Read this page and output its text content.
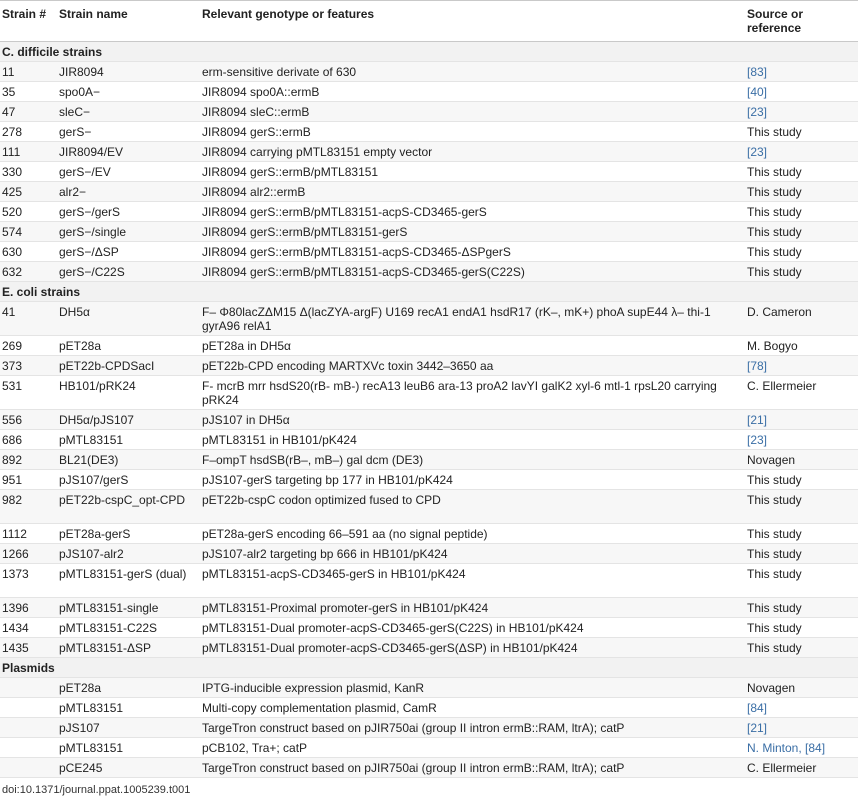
Strain #	Strain name	Relevant genotype or features	Source or reference
C. difficile strains			
11	JIR8094	erm-sensitive derivate of 630	[83]
35	spo0A−	JIR8094 spo0A::ermB	[40]
47	sleC−	JIR8094 sleC::ermB	[23]
278	gerS−	JIR8094 gerS::ermB	This study
111	JIR8094/EV	JIR8094 carrying pMTL83151 empty vector	[23]
330	gerS−/EV	JIR8094 gerS::ermB/pMTL83151	This study
425	alr2−	JIR8094 alr2::ermB	This study
520	gerS−/gerS	JIR8094 gerS::ermB/pMTL83151-acpS-CD3465-gerS	This study
574	gerS−/single	JIR8094 gerS::ermB/pMTL83151-gerS	This study
630	gerS−/ΔSP	JIR8094 gerS::ermB/pMTL83151-acpS-CD3465-ΔSPgerS	This study
632	gerS−/C22S	JIR8094 gerS::ermB/pMTL83151-acpS-CD3465-gerS(C22S)	This study
E. coli strains			
41	DH5α	F– Φ80lacZΔM15 Δ(lacZYA-argF) U169 recA1 endA1 hsdR17 (rK–, mK+) phoA supE44 λ– thi-1 gyrA96 relA1	D. Cameron
269	pET28a	pET28a in DH5α	M. Bogyo
373	pET22b-CPDSacI	pET22b-CPD encoding MARTXVc toxin 3442–3650 aa	[78]
531	HB101/pRK24	F- mcrB mrr hsdS20(rB- mB-) recA13 leuB6 ara-13 proA2 lavYI galK2 xyl-6 mtl-1 rpsL20 carrying pRK24	C. Ellermeier
556	DH5α/pJS107	pJS107 in DH5α	[21]
686	pMTL83151	pMTL83151 in HB101/pK424	[23]
892	BL21(DE3)	F–ompT hsdSB(rB–, mB–) gal dcm (DE3)	Novagen
951	pJS107/gerS	pJS107-gerS targeting bp 177 in HB101/pK424	This study
982	pET22b-cspC_opt-CPD	pET22b-cspC codon optimized fused to CPD	This study
1112	pET28a-gerS	pET28a-gerS encoding 66–591 aa (no signal peptide)	This study
1266	pJS107-alr2	pJS107-alr2 targeting bp 666 in HB101/pK424	This study
1373	pMTL83151-gerS (dual)	pMTL83151-acpS-CD3465-gerS in HB101/pK424	This study
1396	pMTL83151-single	pMTL83151-Proximal promoter-gerS in HB101/pK424	This study
1434	pMTL83151-C22S	pMTL83151-Dual promoter-acpS-CD3465-gerS(C22S) in HB101/pK424	This study
1435	pMTL83151-ΔSP	pMTL83151-Dual promoter-acpS-CD3465-gerS(ΔSP) in HB101/pK424	This study
Plasmids			
	pET28a	IPTG-inducible expression plasmid, KanR	Novagen
	pMTL83151	Multi-copy complementation plasmid, CamR	[84]
	pJS107	TargeTron construct based on pJIR750ai (group II intron ermB::RAM, ltrA); catP	[21]
	pMTL83151	pCB102, Tra+; catP	N. Minton, [84]
	pCE245	TargeTron construct based on pJIR750ai (group II intron ermB::RAM, ltrA); catP	C. Ellermeier
doi:10.1371/journal.ppat.1005239.t001
